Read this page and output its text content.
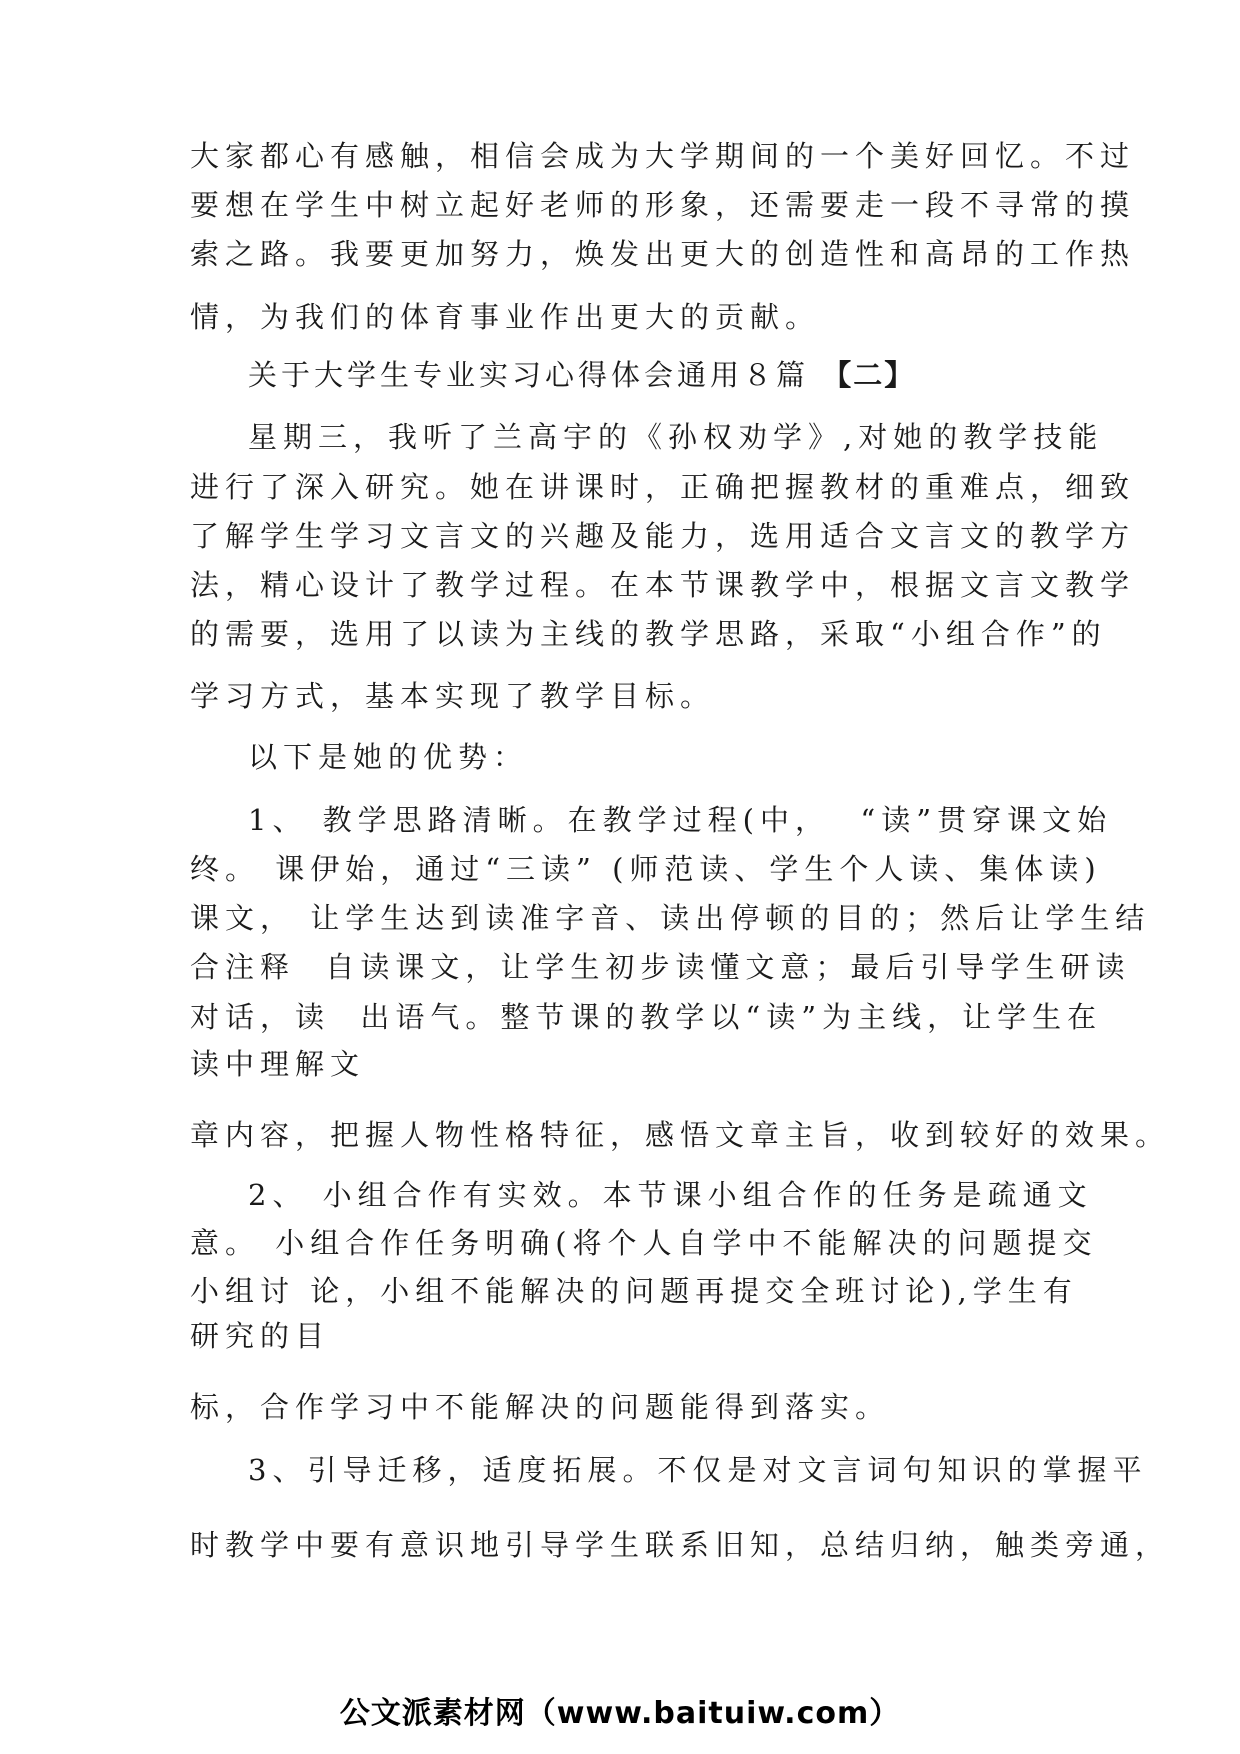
大家都心有感触，相信会成为大学期间的一个美好回忆。不过
要想在学生中树立起好老师的形象，还需要走一段不寻常的摸
索之路。我要更加努力，焕发出更大的创造性和高昂的工作热
情，为我们的体育事业作出更大的贡献。
关于大学生专业实习心得体会通用８篇 【二】
星期三，我听了兰高宇的《孙权劝学》,对她的教学技能
进行了深入研究。她在讲课时，正确把握教材的重难点，细致
了解学生学习文言文的兴趣及能力，选用适合文言文的教学方
法，精心设计了教学过程。在本节课教学中，根据文言文教学
的需要，选用了以读为主线的教学思路，采取“小组合作”的
学习方式，基本实现了教学目标。
以下是她的优势：
1、 教学思路清晰。在教学过程(中，  “读”贯穿课文始
终。 课伊始，通过“三读” (师范读、学生个人读、集体读)
课文， 让学生达到读准字音、读出停顿的目的；然后让学生结
合注释  自读课文，让学生初步读懂文意；最后引导学生研读
对话，读  出语气。整节课的教学以“读”为主线，让学生在
读中理解文
章内容，把握人物性格特征，感悟文章主旨，收到较好的效果。
2、 小组合作有实效。本节课小组合作的任务是疏通文
意。 小组合作任务明确(将个人自学中不能解决的问题提交
小组讨 论，小组不能解决的问题再提交全班讨论),学生有
研究的目
标，合作学习中不能解决的问题能得到落实。
3、引导迁移，适度拓展。不仅是对文言词句知识的掌握平
时教学中要有意识地引导学生联系旧知，总结归纳，触类旁通，
公文派素材网（www.baituiw.com）
